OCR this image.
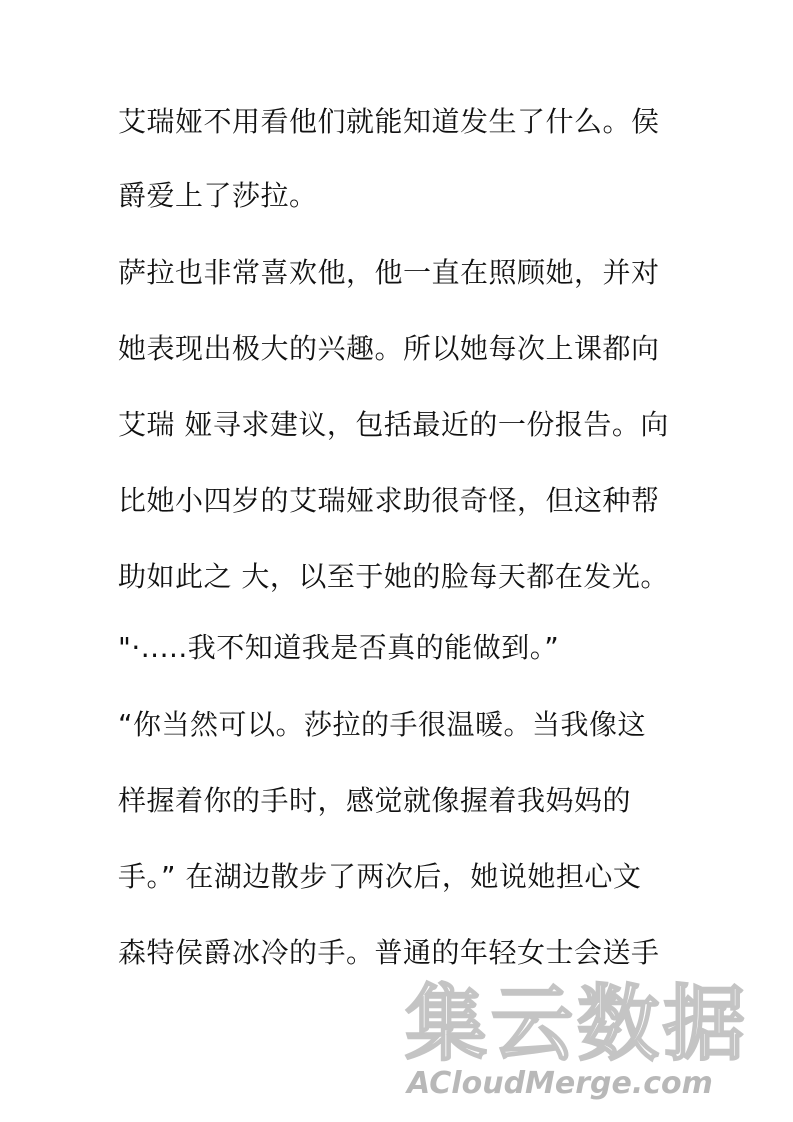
艾瑞娅不用看他们就能知道发生了什么。侯
爵爱上了莎拉。
萨拉也非常喜欢他，他一直在照顾她，并对
她表现出极大的兴趣。所以她每次上课都向
艾瑞 娅寻求建议，包括最近的一份报告。向
比她小四岁的艾瑞娅求助很奇怪，但这种帮
助如此之 大，以至于她的脸每天都在发光。
"·.....我不知道我是否真的能做到。”
“你当然可以。莎拉的手很温暖。当我像这
样握着你的手时，感觉就像握着我妈妈的
手。” 在湖边散步了两次后，她说她担心文
森特侯爵冰冷的手。普通的年轻女士会送手
集云数据
ACloudMerge.com
